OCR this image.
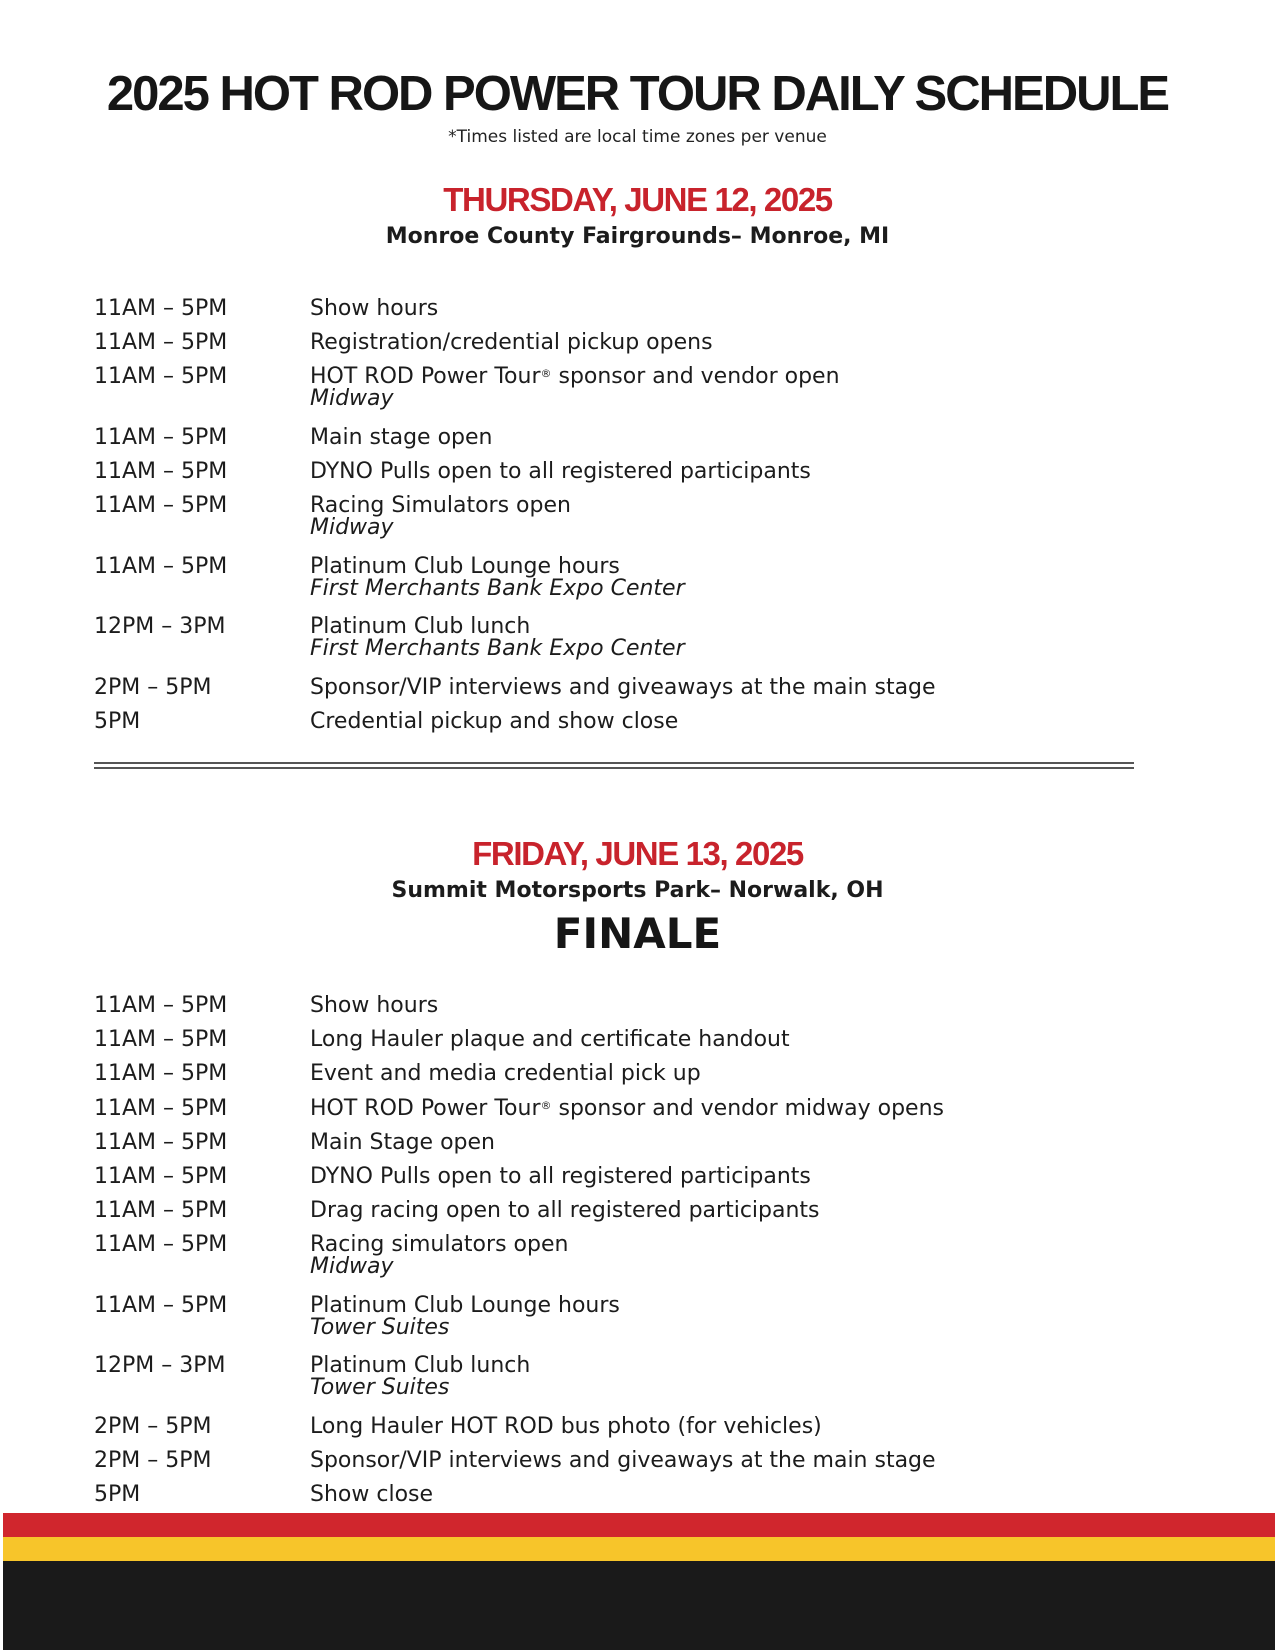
2025 HOT ROD POWER TOUR DAILY SCHEDULE
*Times listed are local time zones per venue
THURSDAY, JUNE 12, 2025
Monroe County Fairgrounds– Monroe, MI
11AM – 5PM	Show hours
11AM – 5PM	Registration/credential pickup opens
11AM – 5PM	HOT ROD Power Tour® sponsor and vendor open
Midway
11AM – 5PM	Main stage open
11AM – 5PM	DYNO Pulls open to all registered participants
11AM – 5PM	Racing Simulators open
Midway
11AM – 5PM	Platinum Club Lounge hours
First Merchants Bank Expo Center
12PM – 3PM	Platinum Club lunch
First Merchants Bank Expo Center
2PM – 5PM	Sponsor/VIP interviews and giveaways at the main stage
5PM	Credential pickup and show close
FRIDAY, JUNE 13, 2025
Summit Motorsports Park– Norwalk, OH
FINALE
11AM – 5PM	Show hours
11AM – 5PM	Long Hauler plaque and certificate handout
11AM – 5PM	Event and media credential pick up
11AM – 5PM	HOT ROD Power Tour® sponsor and vendor midway opens
11AM – 5PM	Main Stage open
11AM – 5PM	DYNO Pulls open to all registered participants
11AM – 5PM	Drag racing open to all registered participants
11AM – 5PM	Racing simulators open
Midway
11AM – 5PM	Platinum Club Lounge hours
Tower Suites
12PM – 3PM	Platinum Club lunch
Tower Suites
2PM – 5PM	Long Hauler HOT ROD bus photo (for vehicles)
2PM – 5PM	Sponsor/VIP interviews and giveaways at the main stage
5PM	Show close
